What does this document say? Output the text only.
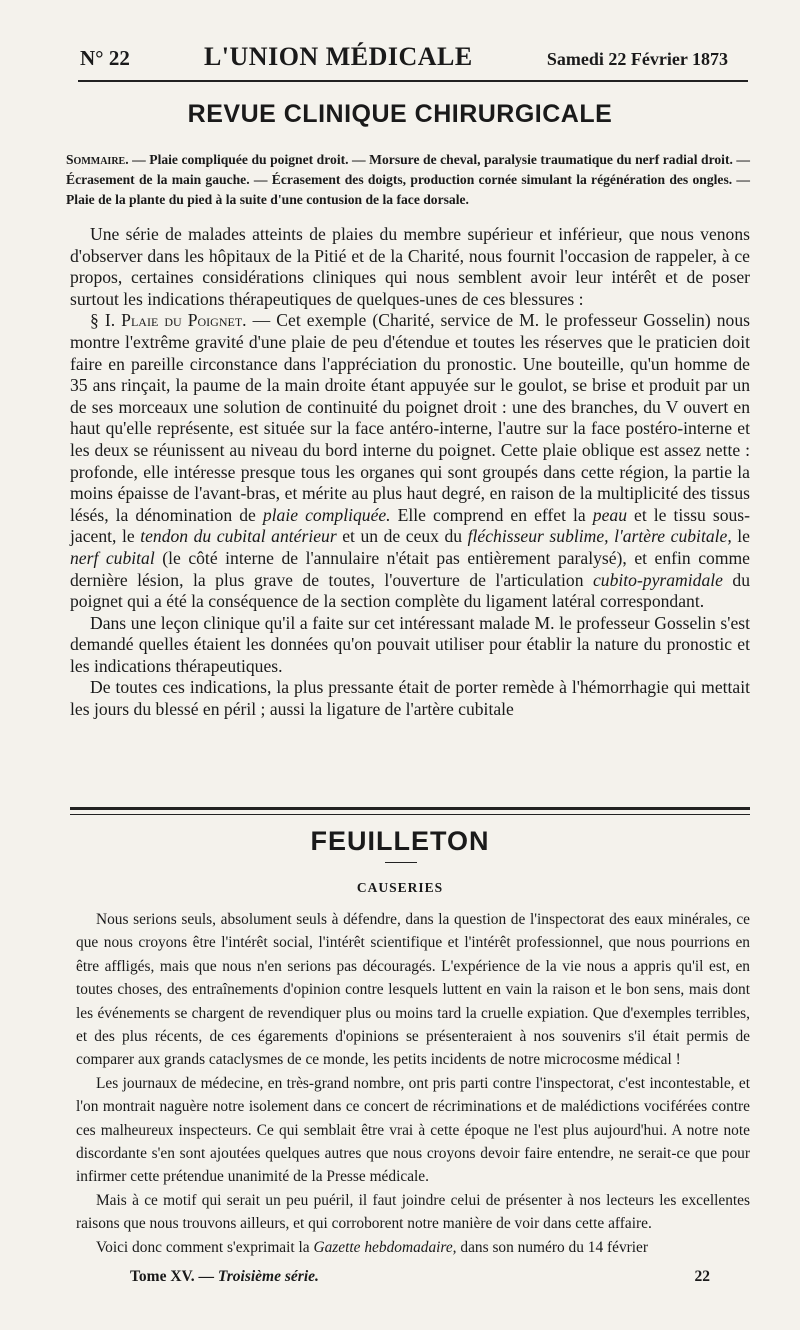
N° 22	L'UNION MÉDICALE	Samedi 22 Février 1873
REVUE CLINIQUE CHIRURGICALE
Sommaire. — Plaie compliquée du poignet droit. — Morsure de cheval, paralysie traumatique du nerf radial droit. — Écrasement de la main gauche. — Écrasement des doigts, production cornée simulant la régénération des ongles. — Plaie de la plante du pied à la suite d'une contusion de la face dorsale.

Une série de malades atteints de plaies du membre supérieur et inférieur, que nous venons d'observer dans les hôpitaux de la Pitié et de la Charité, nous fournit l'occasion de rappeler, à ce propos, certaines considérations cliniques qui nous semblent avoir leur intérêt et de poser surtout les indications thérapeutiques de quelques-unes de ces blessures :

§ I. Plaie du Poignet. — Cet exemple (Charité, service de M. le professeur Gosselin) nous montre l'extrême gravité d'une plaie de peu d'étendue et toutes les réserves que le praticien doit faire en pareille circonstance dans l'appréciation du pronostic. Une bouteille, qu'un homme de 35 ans rinçait, la paume de la main droite étant appuyée sur le goulot, se brise et produit par un de ses morceaux une solution de continuité du poignet droit : une des branches, du V ouvert en haut qu'elle représente, est située sur la face antéro-interne, l'autre sur la face postéro-interne et les deux se réunissent au niveau du bord interne du poignet. Cette plaie oblique est assez nette : profonde, elle intéresse presque tous les organes qui sont groupés dans cette région, la partie la moins épaisse de l'avant-bras, et mérite au plus haut degré, en raison de la multiplicité des tissus lésés, la dénomination de plaie compliquée. Elle comprend en effet la peau et le tissu sous-jacent, le tendon du cubital antérieur et un de ceux du fléchisseur sublime, l'artère cubitale, le nerf cubital (le côté interne de l'annulaire n'était pas entièrement paralysé), et enfin comme dernière lésion, la plus grave de toutes, l'ouverture de l'articulation cubito-pyramidale du poignet qui a été la conséquence de la section complète du ligament latéral correspondant.

Dans une leçon clinique qu'il a faite sur cet intéressant malade M. le professeur Gosselin s'est demandé quelles étaient les données qu'on pouvait utiliser pour établir la nature du pronostic et les indications thérapeutiques.

De toutes ces indications, la plus pressante était de porter remède à l'hémorrhagie qui mettait les jours du blessé en péril ; aussi la ligature de l'artère cubitale

FEUILLETON
CAUSERIES

Nous serions seuls, absolument seuls à défendre, dans la question de l'inspectorat des eaux minérales, ce que nous croyons être l'intérêt social, l'intérêt scientifique et l'intérêt professionnel, que nous pourrions en être affligés, mais que nous n'en serions pas découragés. L'expérience de la vie nous a appris qu'il est, en toutes choses, des entraînements d'opinion contre lesquels luttent en vain la raison et le bon sens, mais dont les événements se chargent de revendiquer plus ou moins tard la cruelle expiation. Que d'exemples terribles, et des plus récents, de ces égarements d'opinions se présenteraient à nos souvenirs s'il était permis de comparer aux grands cataclysmes de ce monde, les petits incidents de notre microcosme médical !

Les journaux de médecine, en très-grand nombre, ont pris parti contre l'inspectorat, c'est incontestable, et l'on montrait naguère notre isolement dans ce concert de récriminations et de malédictions vociférées contre ces malheureux inspecteurs. Ce qui semblait être vrai à cette époque ne l'est plus aujourd'hui. A notre note discordante s'en sont ajoutées quelques autres que nous croyons devoir faire entendre, ne serait-ce que pour infirmer cette prétendue unanimité de la Presse médicale.

Mais à ce motif qui serait un peu puéril, il faut joindre celui de présenter à nos lecteurs les excellentes raisons que nous trouvons ailleurs, et qui corroborent notre manière de voir dans cette affaire.

Voici donc comment s'exprimait la Gazette hebdomadaire, dans son numéro du 14 février

Tome XV. — Troisième série.	22
